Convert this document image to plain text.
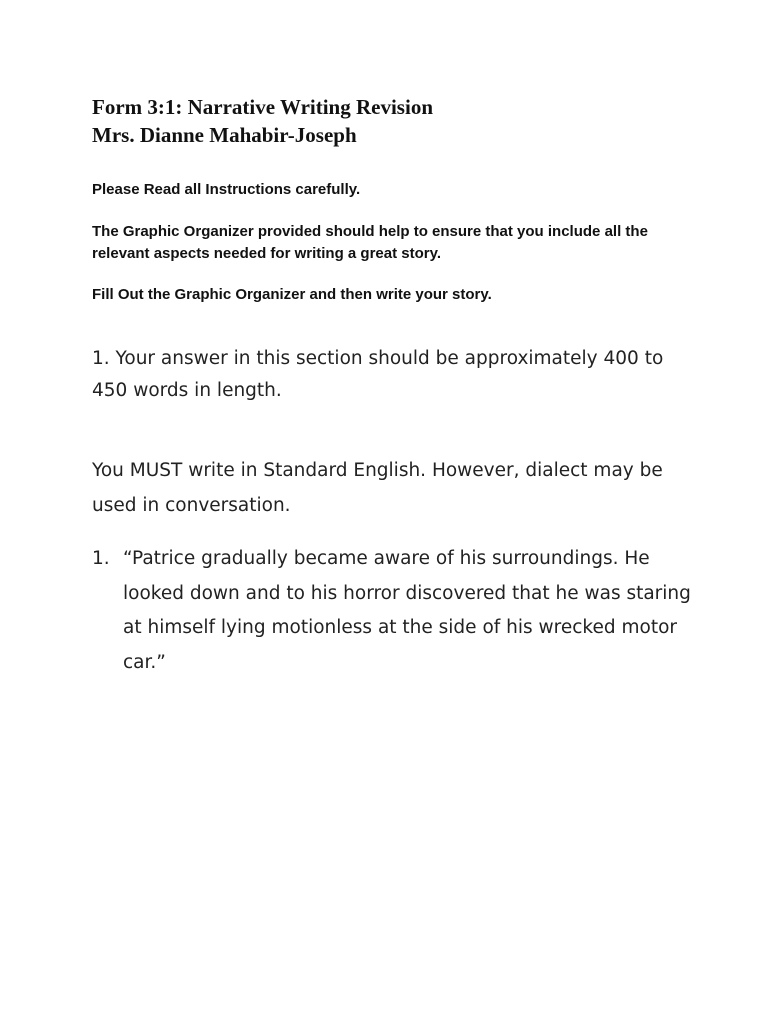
Form 3:1: Narrative Writing Revision
Mrs. Dianne Mahabir-Joseph

Please Read all Instructions carefully.

The Graphic Organizer provided should help to ensure that you include all the relevant aspects needed for writing a great story.

Fill Out the Graphic Organizer and then write your story.

1. Your answer in this section should be approximately 400 to 450 words in length.

You MUST write in Standard English. However, dialect may be used in conversation.

1. “Patrice gradually became aware of his surroundings. He looked down and to his horror discovered that he was staring at himself lying motionless at the side of his wrecked motor car.”
